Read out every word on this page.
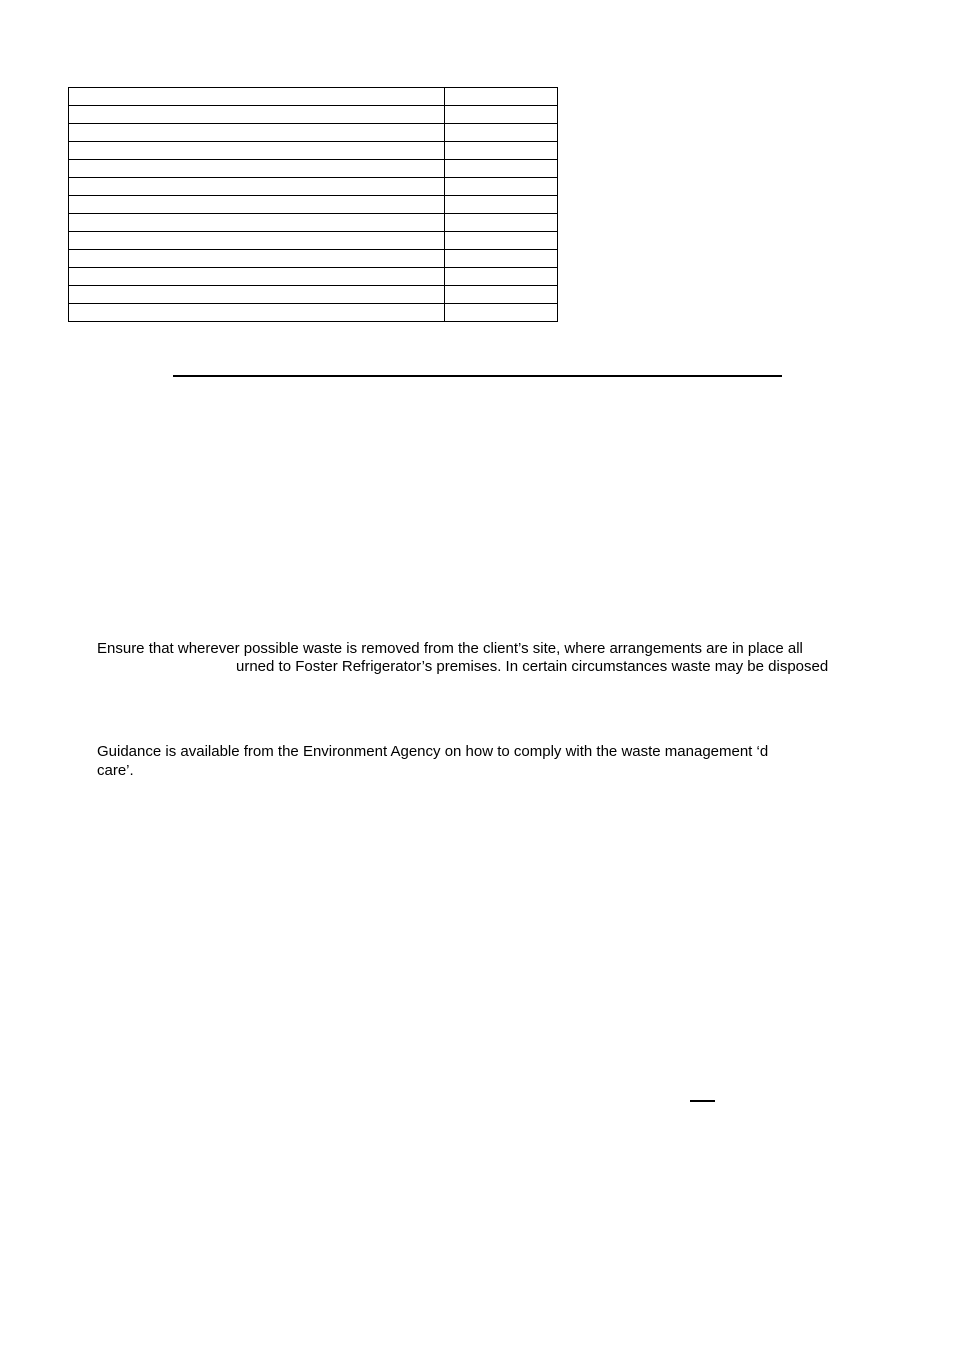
Ensure that wherever possible waste is removed from the client’s site, where arrangements are in place all

urned to Foster Refrigerator’s premises. In certain circumstances waste may be disposed

Guidance is available from the Environment Agency on how to comply with the waste management ‘d

care’.
